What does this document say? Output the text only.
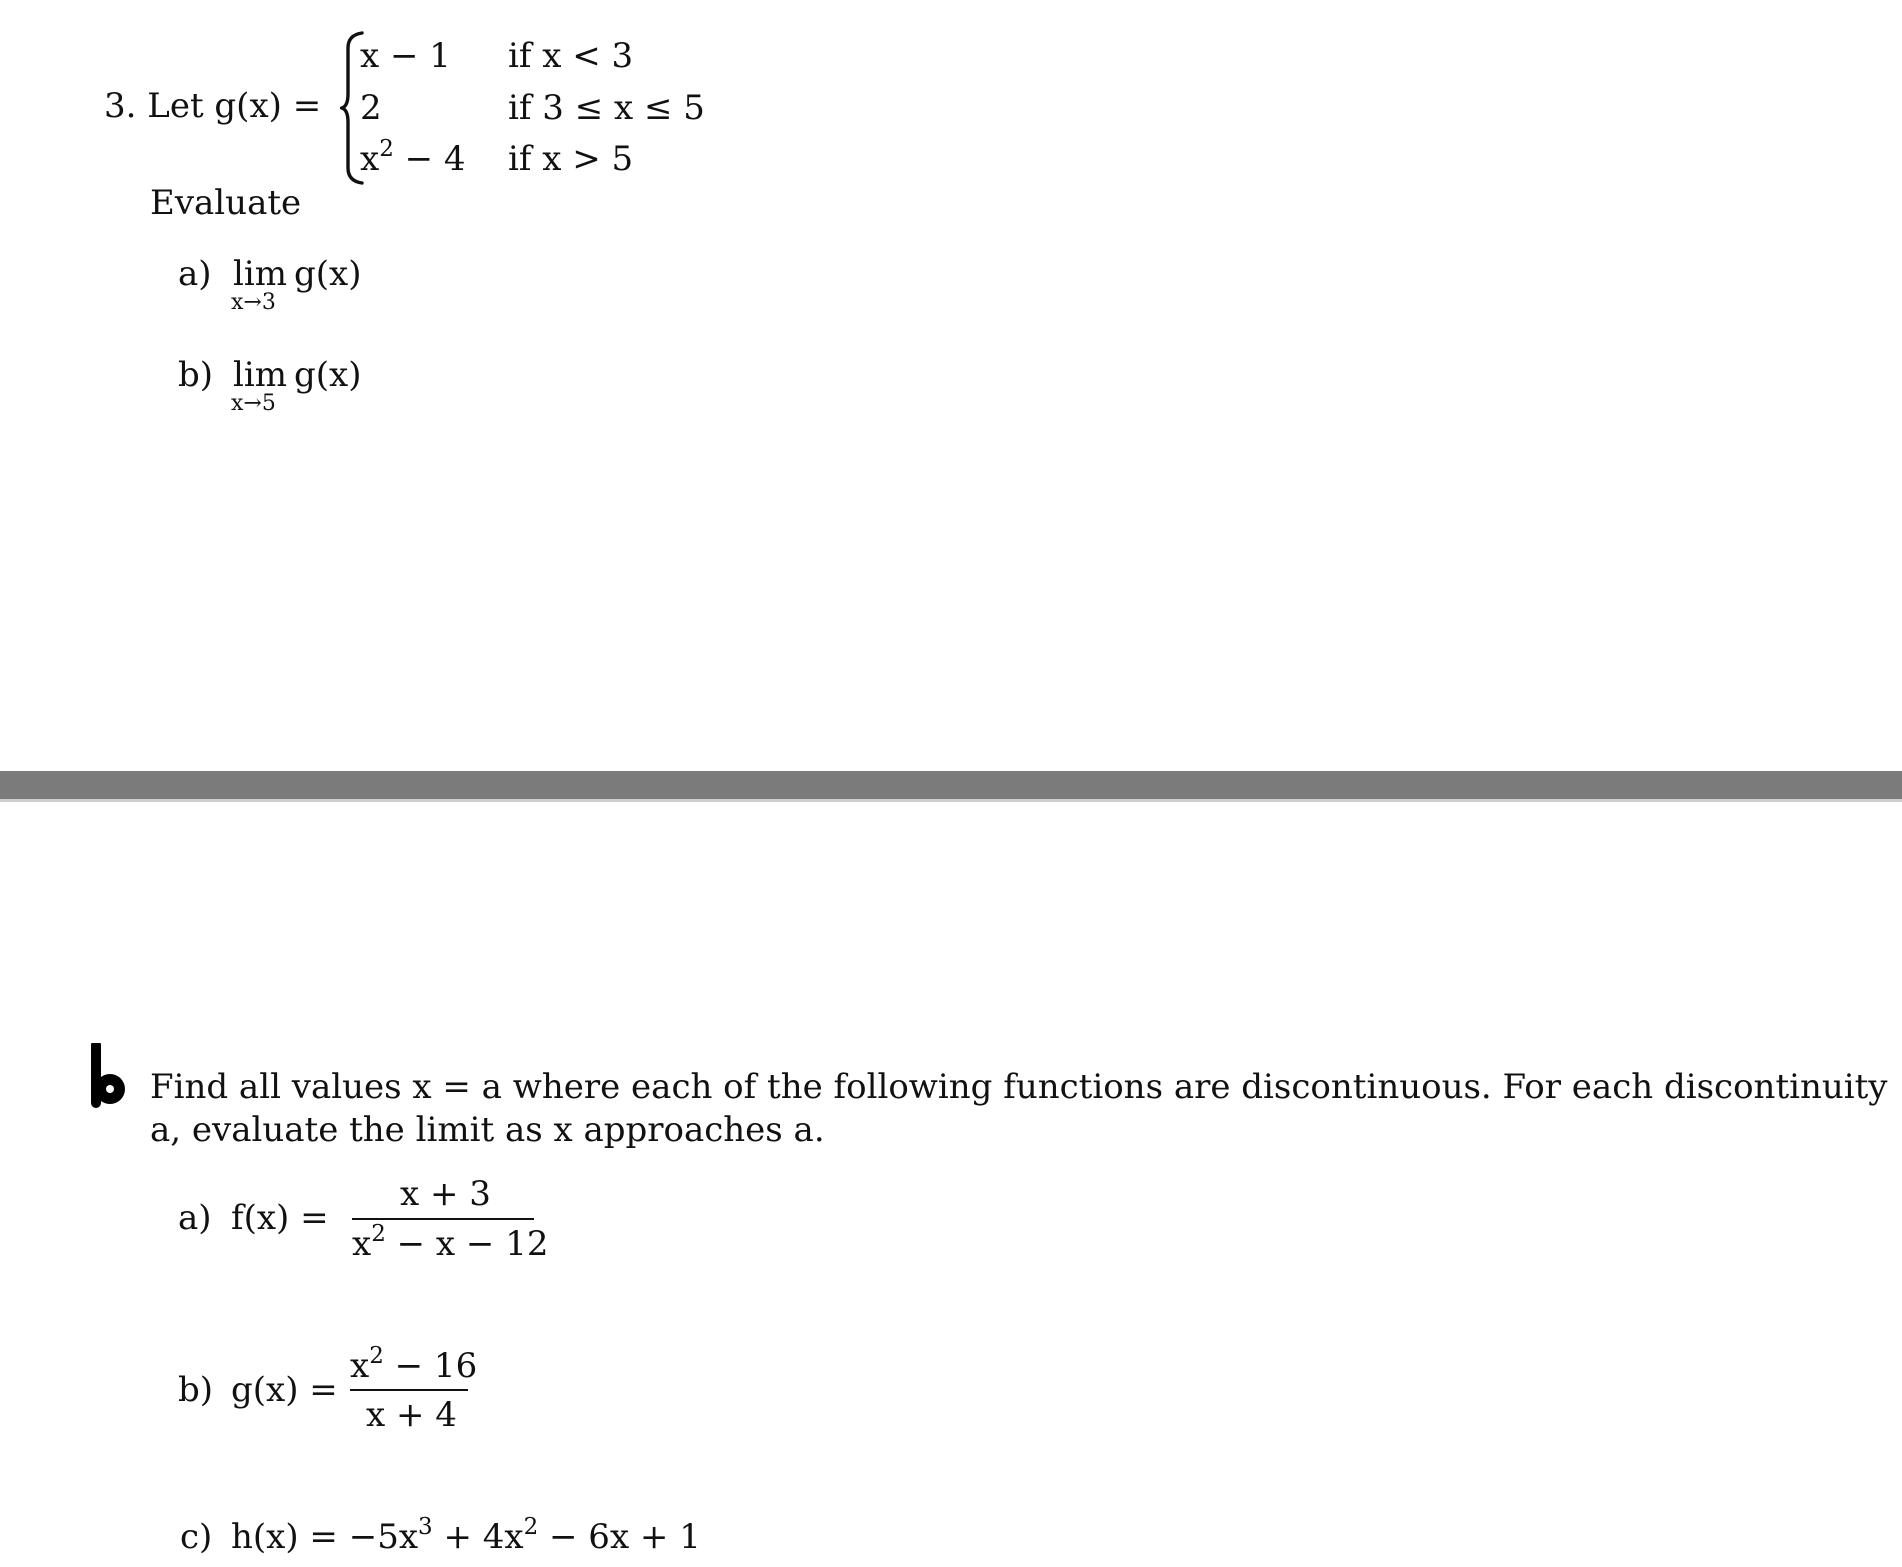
3. Let g(x) =
x − 1 if x < 3
2	if 3 ≤ x ≤ 5
$x^2 - 4$ if x > 5
Evaluate
a) lim g(x)
x→3
b) lim g(x)
x→5
Find all values x = a where each of the following functions are discontinuous. For each discontinuity
a, evaluate the limit as x approaches a.
a) f(x) =
x + 3
$x^2 - x - 12$
b) g(x) =
$x^2 - 16$
x + 4
c) $h(x) = -5x^3 + 4x^2 - 6x + 1$
